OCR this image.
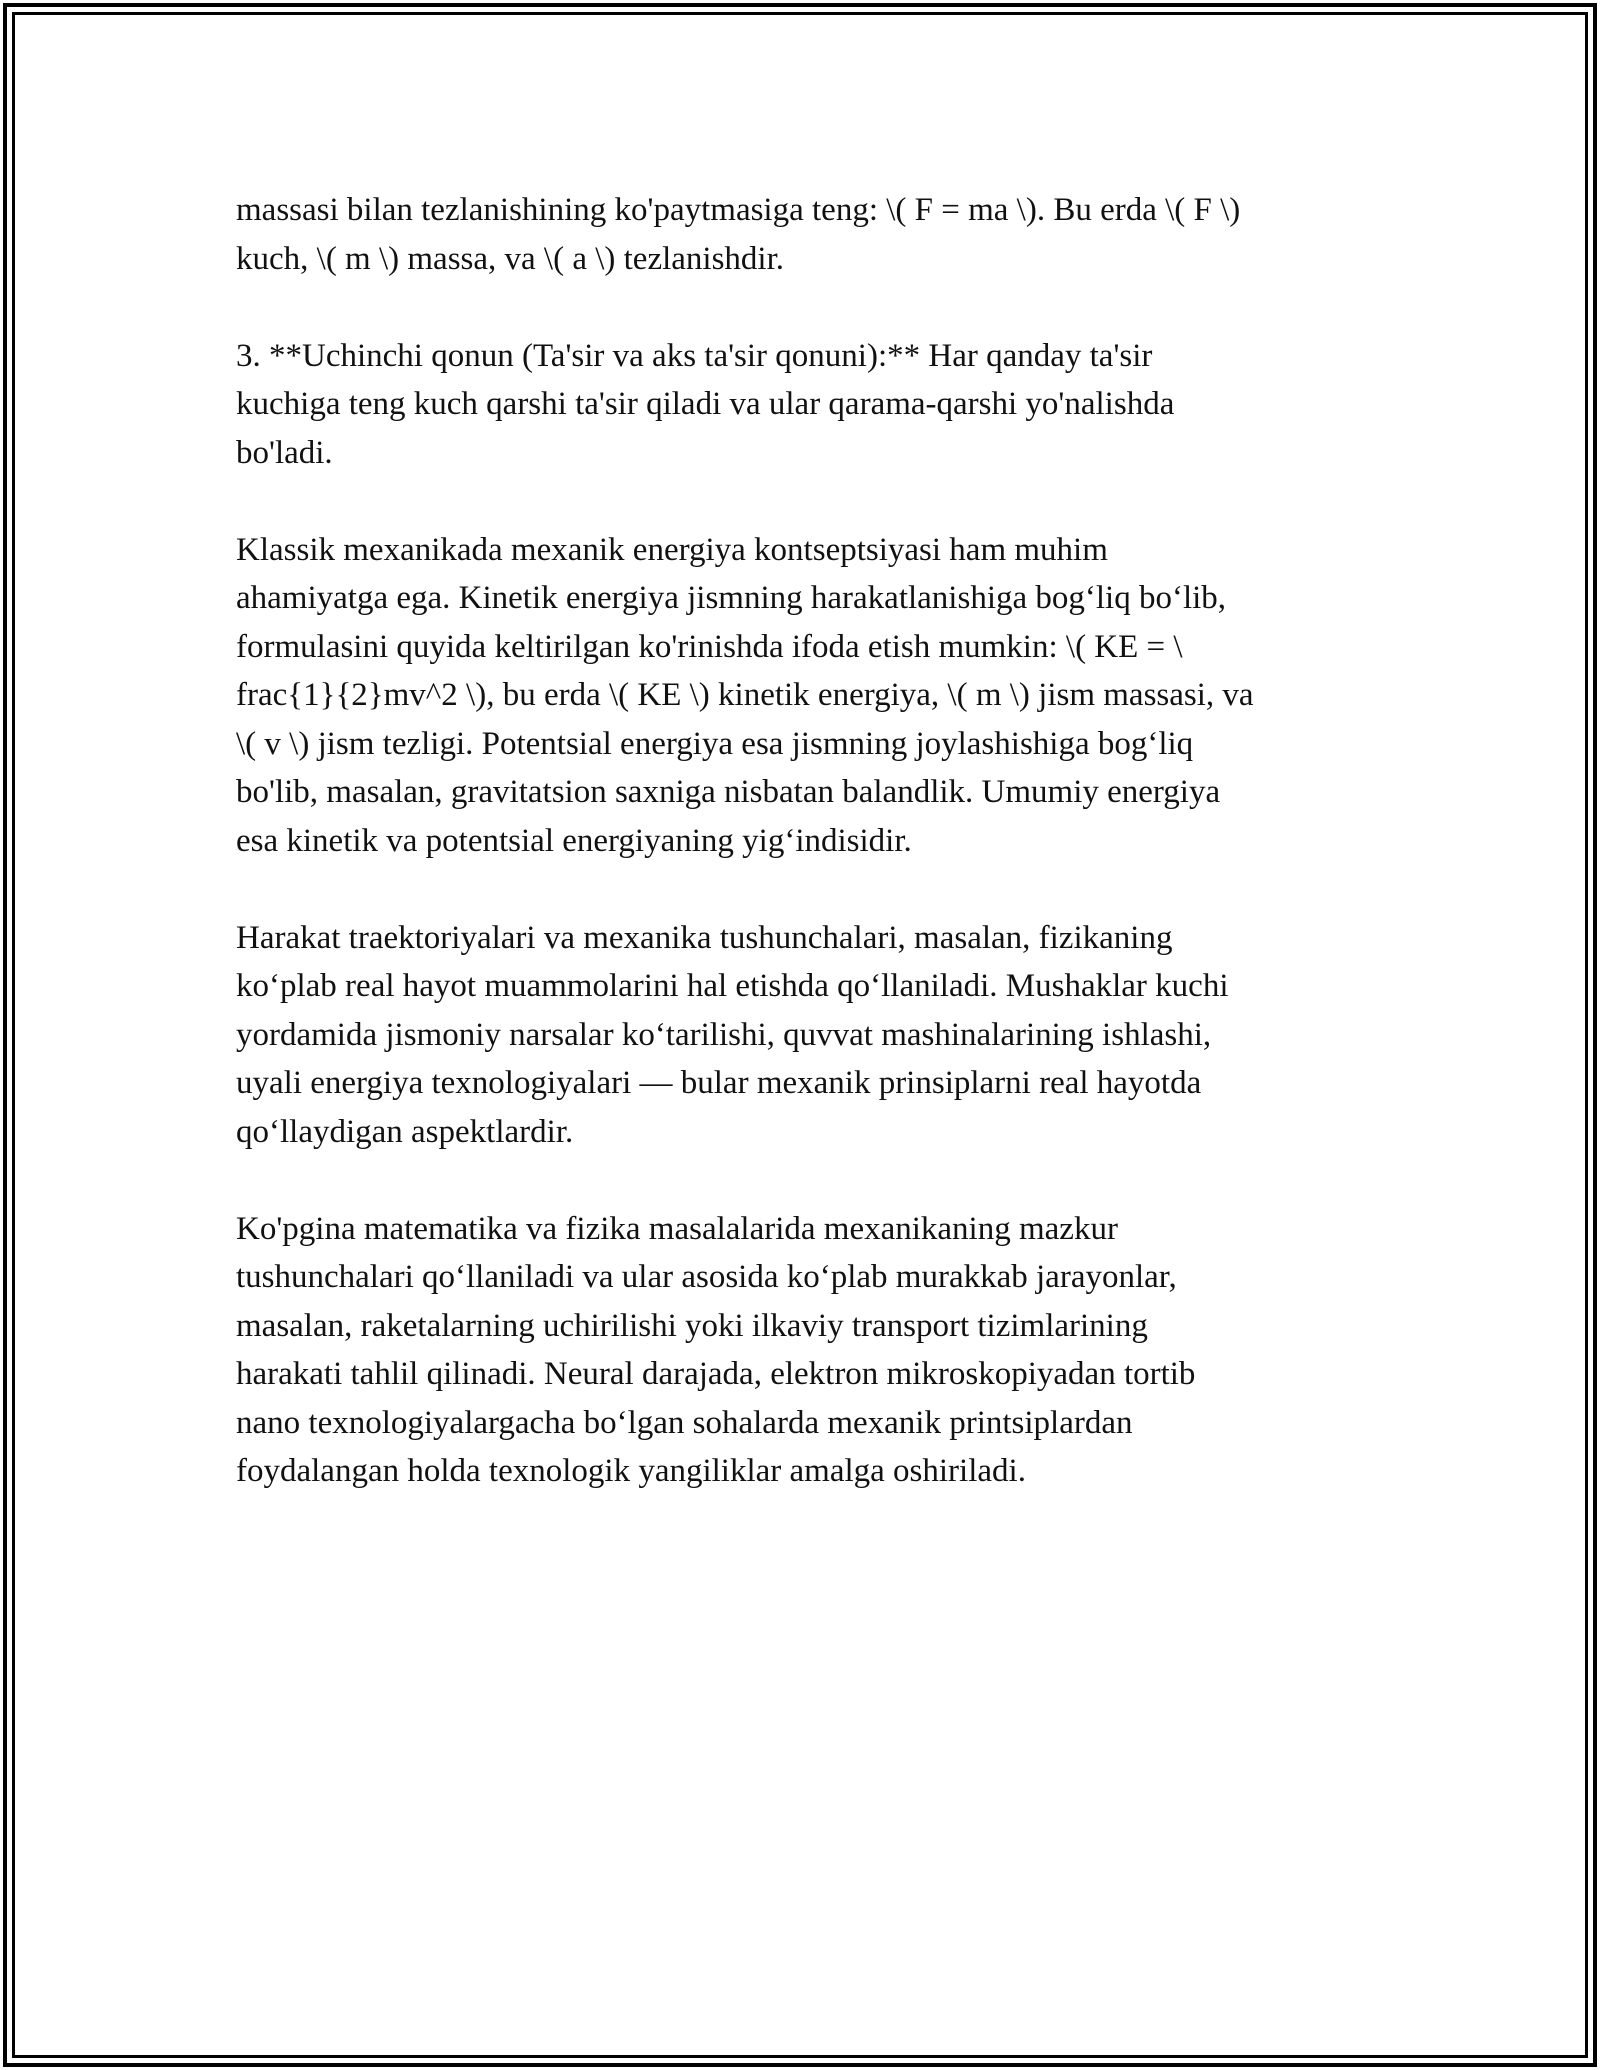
massasi bilan tezlanishining ko'paytmasiga teng: \( F = ma \). Bu erda \( F \)
kuch, \( m \) massa, va \( a \) tezlanishdir.

3. **Uchinchi qonun (Ta'sir va aks ta'sir qonuni):** Har qanday ta'sir
kuchiga teng kuch qarshi ta'sir qiladi va ular qarama-qarshi yo'nalishda
bo'ladi.

Klassik mexanikada mexanik energiya kontseptsiyasi ham muhim
ahamiyatga ega. Kinetik energiya jismning harakatlanishiga bog‘liq bo‘lib,
formulasini quyida keltirilgan ko'rinishda ifoda etish mumkin: \( KE = \
frac{1}{2}mv^2 \), bu erda \( KE \) kinetik energiya, \( m \) jism massasi, va
\( v \) jism tezligi. Potentsial energiya esa jismning joylashishiga bog‘liq
bo'lib, masalan, gravitatsion saxniga nisbatan balandlik. Umumiy energiya
esa kinetik va potentsial energiyaning yig‘indisidir.

Harakat traektoriyalari va mexanika tushunchalari, masalan, fizikaning
ko‘plab real hayot muammolarini hal etishda qo‘llaniladi. Mushaklar kuchi
yordamida jismoniy narsalar ko‘tarilishi, quvvat mashinalarining ishlashi,
uyali energiya texnologiyalari — bular mexanik prinsiplarni real hayotda
qo‘llaydigan aspektlardir.

Ko'pgina matematika va fizika masalalarida mexanikaning mazkur
tushunchalari qo‘llaniladi va ular asosida ko‘plab murakkab jarayonlar,
masalan, raketalarning uchirilishi yoki ilkaviy transport tizimlarining
harakati tahlil qilinadi. Neural darajada, elektron mikroskopiyadan tortib
nano texnologiyalargacha bo‘lgan sohalarda mexanik printsiplardan
foydalangan holda texnologik yangiliklar amalga oshiriladi.
